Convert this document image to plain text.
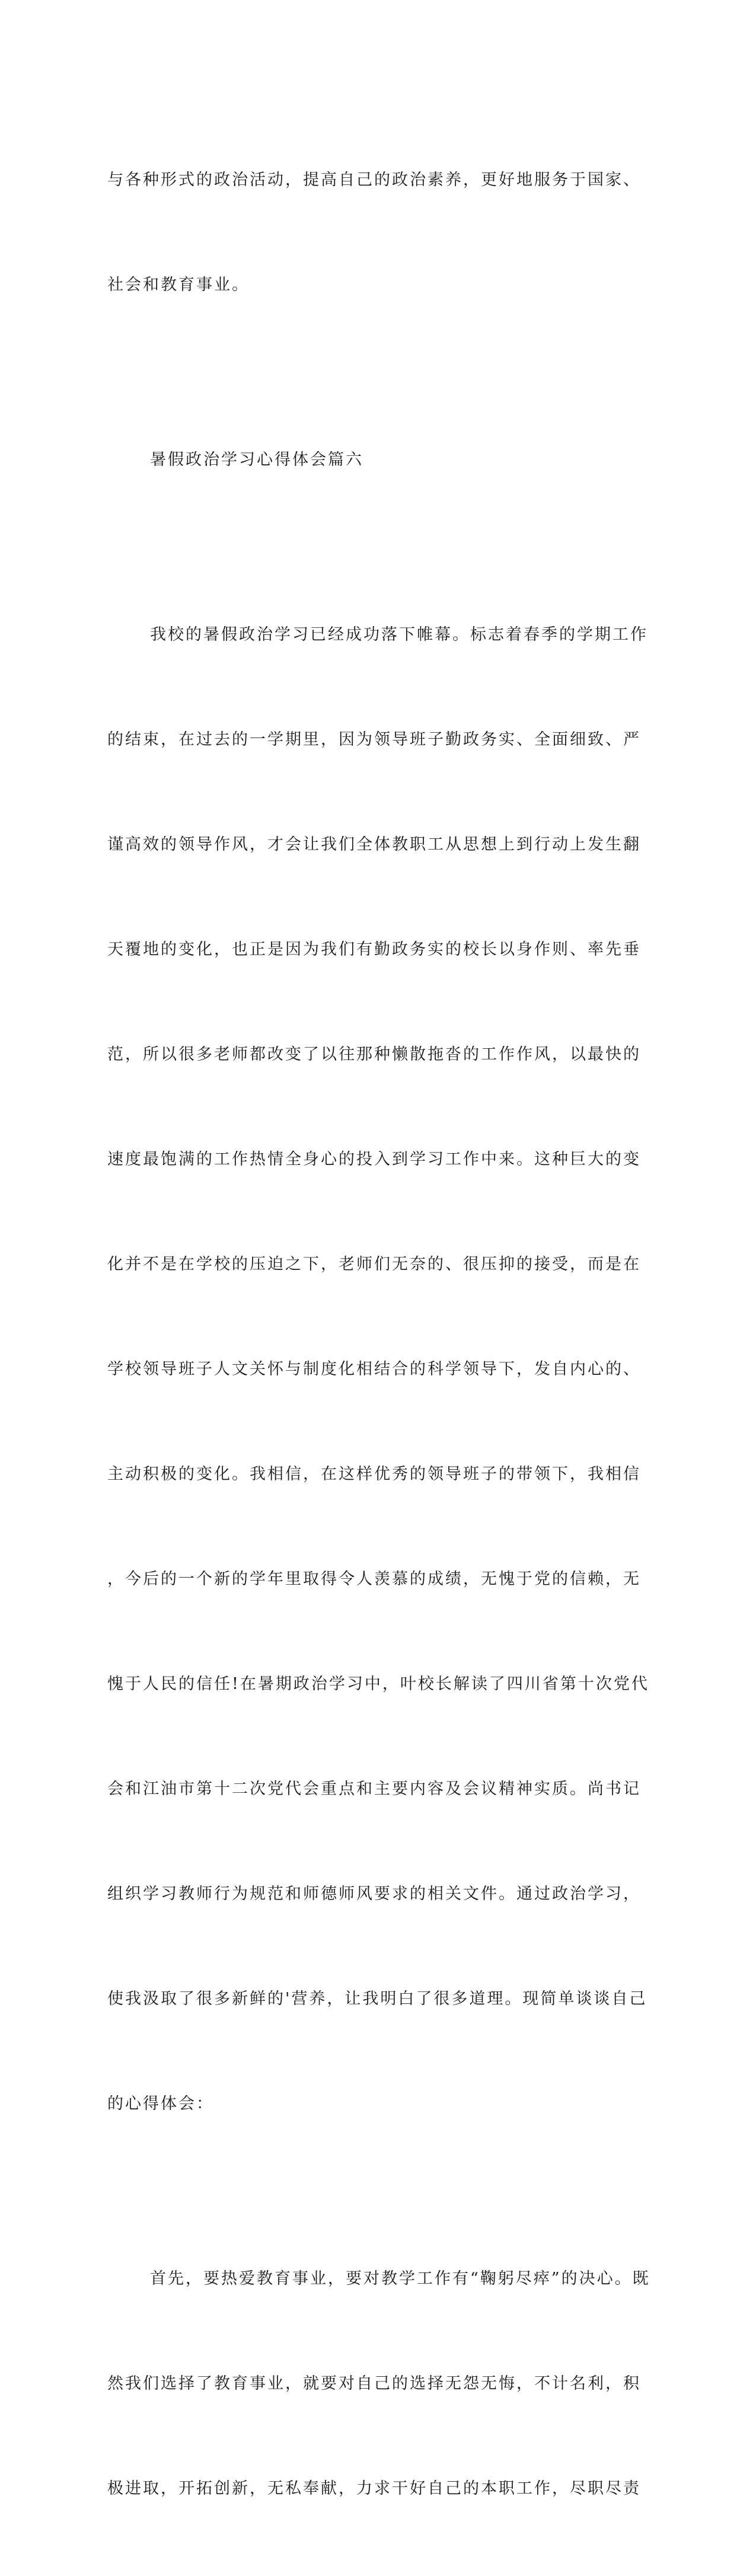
与各种形式的政治活动，提高自己的政治素养，更好地服务于国家、

社会和教育事业。

暑假政治学习心得体会篇六

我校的暑假政治学习已经成功落下帷幕。标志着春季的学期工作

的结束，在过去的一学期里，因为领导班子勤政务实、全面细致、严

谨高效的领导作风，才会让我们全体教职工从思想上到行动上发生翻

天覆地的变化，也正是因为我们有勤政务实的校长以身作则、率先垂

范，所以很多老师都改变了以往那种懒散拖沓的工作作风，以最快的

速度最饱满的工作热情全身心的投入到学习工作中来。这种巨大的变

化并不是在学校的压迫之下，老师们无奈的、很压抑的接受，而是在

学校领导班子人文关怀与制度化相结合的科学领导下，发自内心的、

主动积极的变化。我相信，在这样优秀的领导班子的带领下，我相信

，今后的一个新的学年里取得令人羡慕的成绩，无愧于党的信赖，无

愧于人民的信任!在暑期政治学习中，叶校长解读了四川省第十次党代

会和江油市第十二次党代会重点和主要内容及会议精神实质。尚书记

组织学习教师行为规范和师德师风要求的相关文件。通过政治学习，

使我汲取了很多新鲜的'营养，让我明白了很多道理。现简单谈谈自己

的心得体会：

首先，要热爱教育事业，要对教学工作有“鞠躬尽瘁”的决心。既

然我们选择了教育事业，就要对自己的选择无怨无悔，不计名利，积

极进取，开拓创新，无私奉献，力求干好自己的本职工作，尽职尽责
